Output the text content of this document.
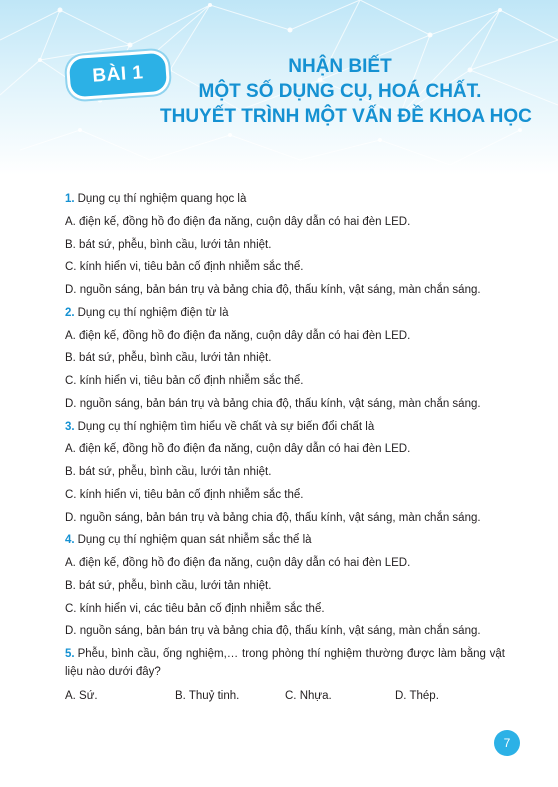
BÀI 1	NHẬN BIẾT
MỘT SỐ DỤNG CỤ, HOÁ CHẤT.
THUYẾT TRÌNH MỘT VẤN ĐỀ KHOA HỌC
1. Dụng cụ thí nghiệm quang học là
A. điện kế, đồng hồ đo điện đa năng, cuộn dây dẫn có hai đèn LED.
B. bát sứ, phễu, bình cầu, lưới tản nhiệt.
C. kính hiển vi, tiêu bản cố định nhiễm sắc thể.
D. nguồn sáng, bản bán trụ và bảng chia độ, thấu kính, vật sáng, màn chắn sáng.
2. Dụng cụ thí nghiệm điện từ là
A. điện kế, đồng hồ đo điện đa năng, cuộn dây dẫn có hai đèn LED.
B. bát sứ, phễu, bình cầu, lưới tản nhiệt.
C. kính hiển vi, tiêu bản cố định nhiễm sắc thể.
D. nguồn sáng, bản bán trụ và bảng chia độ, thấu kính, vật sáng, màn chắn sáng.
3. Dụng cụ thí nghiệm tìm hiểu về chất và sự biến đổi chất là
A. điện kế, đồng hồ đo điện đa năng, cuộn dây dẫn có hai đèn LED.
B. bát sứ, phễu, bình cầu, lưới tản nhiệt.
C. kính hiển vi, tiêu bản cố định nhiễm sắc thể.
D. nguồn sáng, bản bán trụ và bảng chia độ, thấu kính, vật sáng, màn chắn sáng.
4. Dụng cụ thí nghiệm quan sát nhiễm sắc thể là
A. điện kế, đồng hồ đo điện đa năng, cuộn dây dẫn có hai đèn LED.
B. bát sứ, phễu, bình cầu, lưới tản nhiệt.
C. kính hiển vi, các tiêu bản cố định nhiễm sắc thể.
D. nguồn sáng, bản bán trụ và bảng chia độ, thấu kính, vật sáng, màn chắn sáng.
5. Phễu, bình cầu, ống nghiệm,… trong phòng thí nghiệm thường được làm bằng vật liệu nào dưới đây?
A. Sứ.	B. Thuỷ tinh.	C. Nhựa.	D. Thép.
7
